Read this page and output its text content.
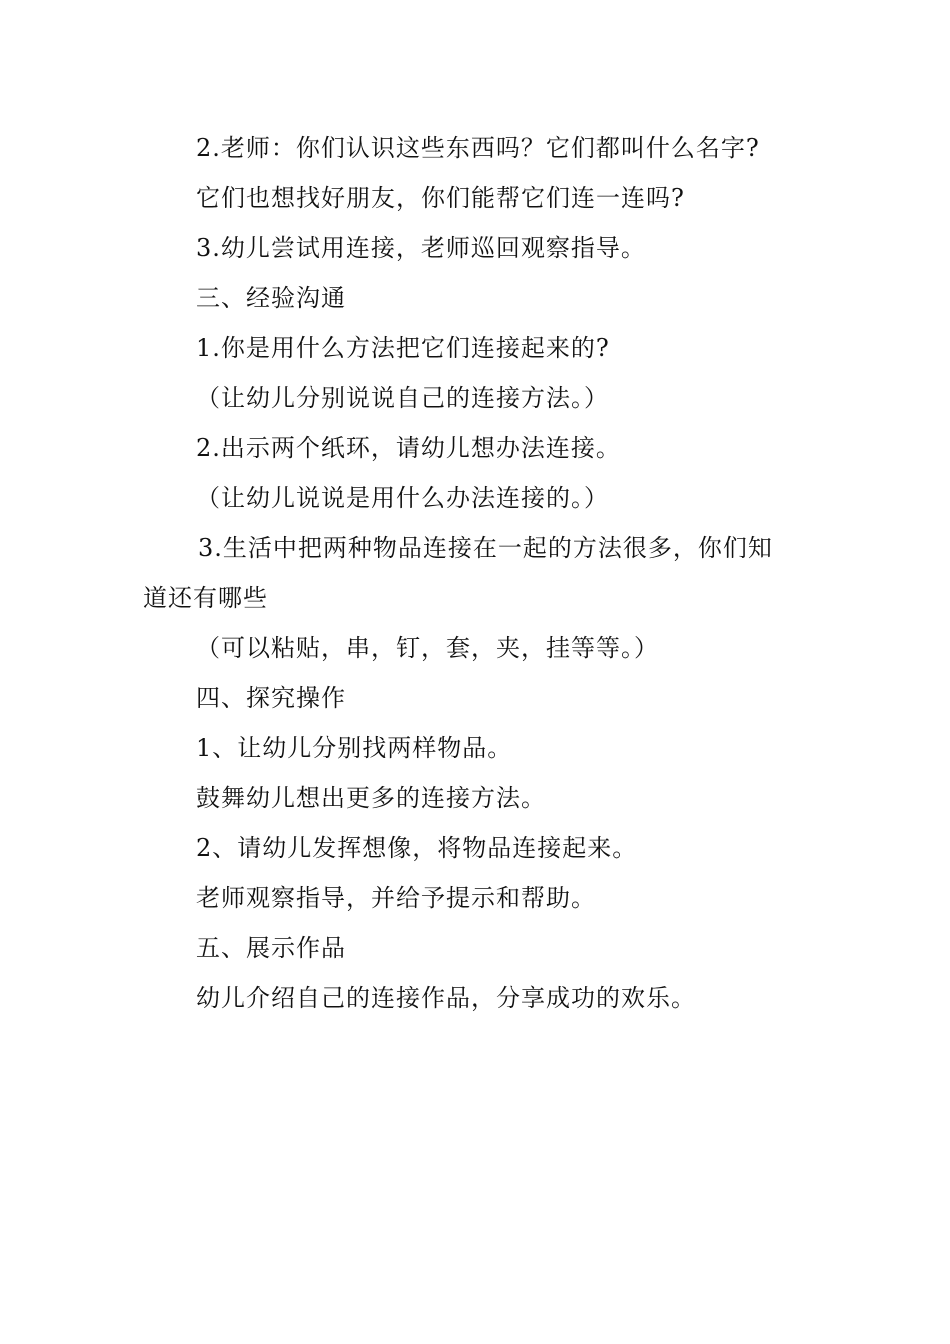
2.老师：你们认识这些东西吗？它们都叫什么名字?
它们也想找好朋友，你们能帮它们连一连吗?
3.幼儿尝试用连接，老师巡回观察指导。
三、经验沟通
1.你是用什么方法把它们连接起来的?
（让幼儿分别说说自己的连接方法。）
2.出示两个纸环，请幼儿想办法连接。
（让幼儿说说是用什么办法连接的。）
3.生活中把两种物品连接在一起的方法很多，你们知
道还有哪些
（可以粘贴，串，钉，套，夹，挂等等。）
四、探究操作
1、让幼儿分别找两样物品。
鼓舞幼儿想出更多的连接方法。
2、请幼儿发挥想像，将物品连接起来。
老师观察指导，并给予提示和帮助。
五、展示作品
幼儿介绍自己的连接作品，分享成功的欢乐。
